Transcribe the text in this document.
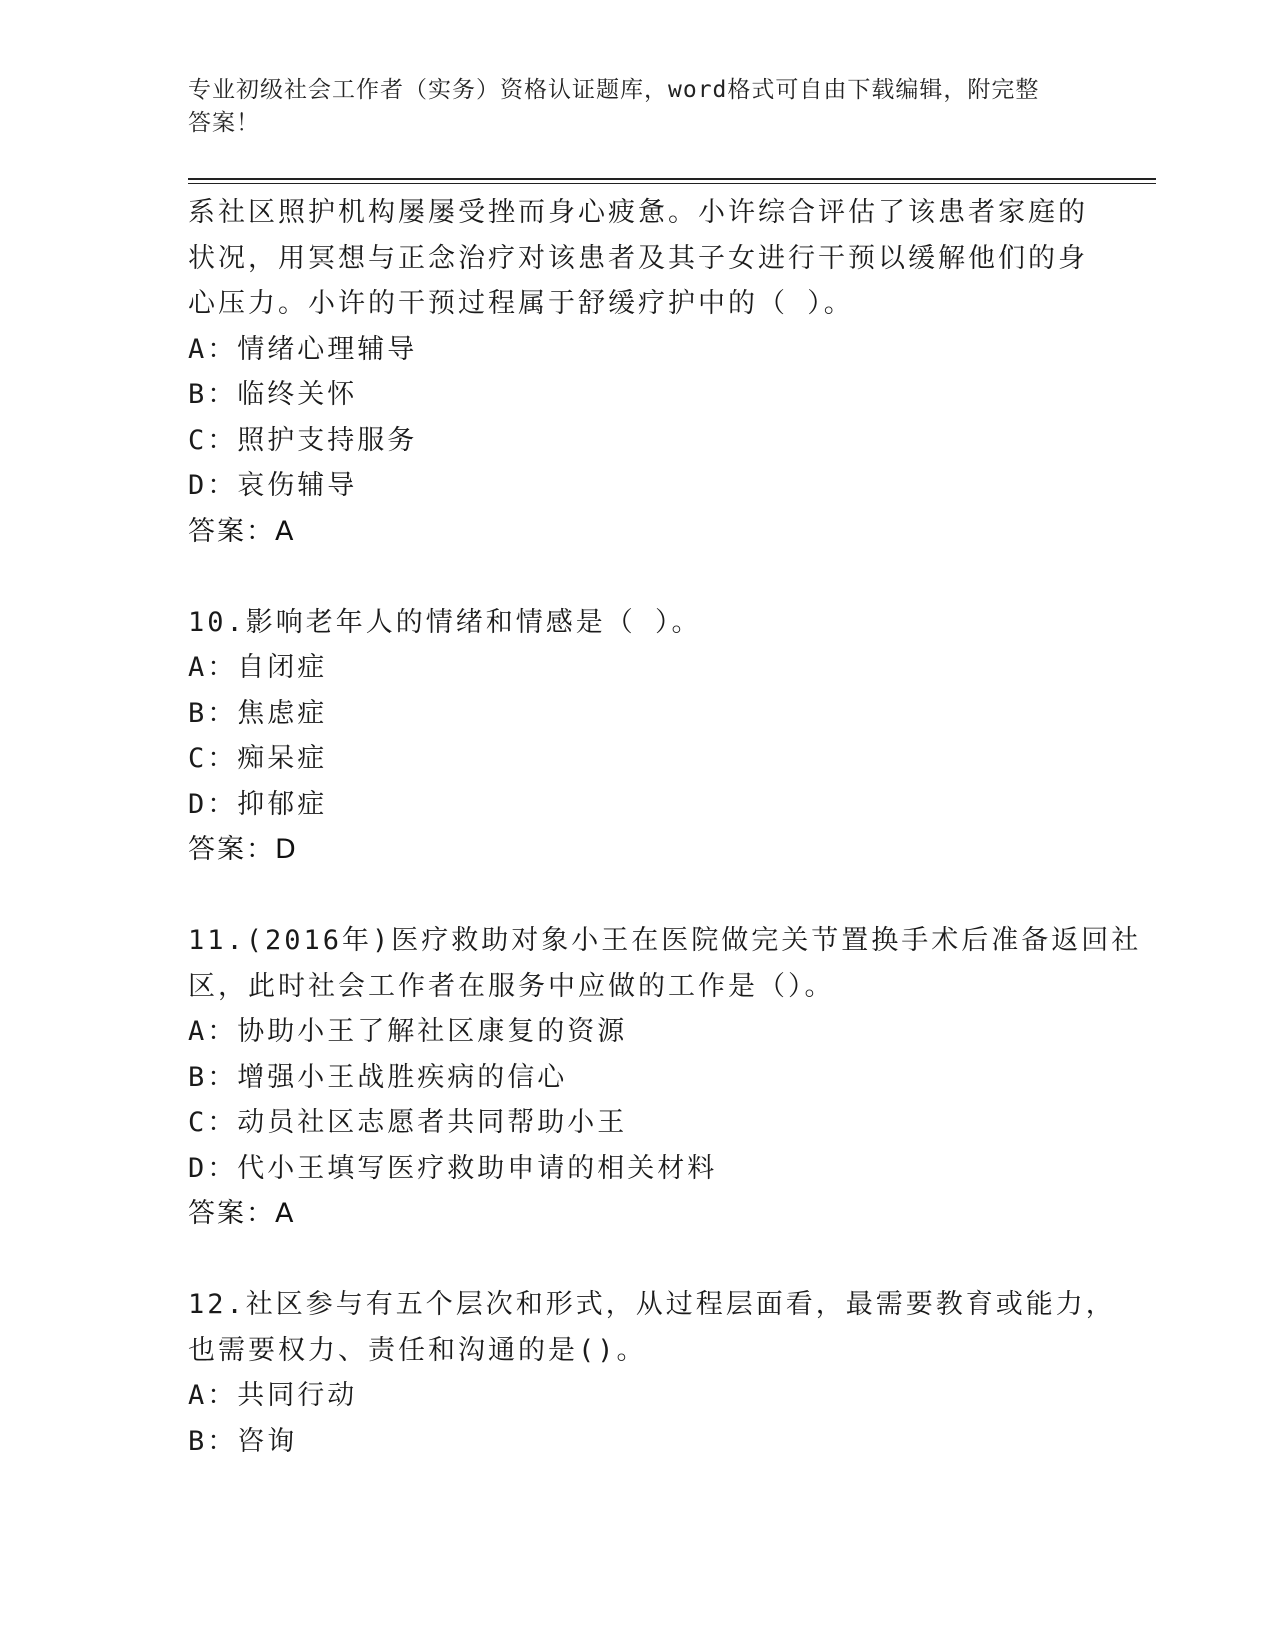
专业初级社会工作者（实务）资格认证题库，word格式可自由下载编辑，附完整
答案！
系社区照护机构屡屡受挫而身心疲惫。小许综合评估了该患者家庭的
状况，用冥想与正念治疗对该患者及其子女进行干预以缓解他们的身
心压力。小许的干预过程属于舒缓疗护中的（ ）。
A：情绪心理辅导
B：临终关怀
C：照护支持服务
D：哀伤辅导
答案：A
10.影响老年人的情绪和情感是（ ）。
A：自闭症
B：焦虑症
C：痴呆症
D：抑郁症
答案：D
11.(2016年)医疗救助对象小王在医院做完关节置换手术后准备返回社
区，此时社会工作者在服务中应做的工作是（）。
A：协助小王了解社区康复的资源
B：增强小王战胜疾病的信心
C：动员社区志愿者共同帮助小王
D：代小王填写医疗救助申请的相关材料
答案：A
12.社区参与有五个层次和形式，从过程层面看，最需要教育或能力，
也需要权力、责任和沟通的是()。
A：共同行动
B：咨询
